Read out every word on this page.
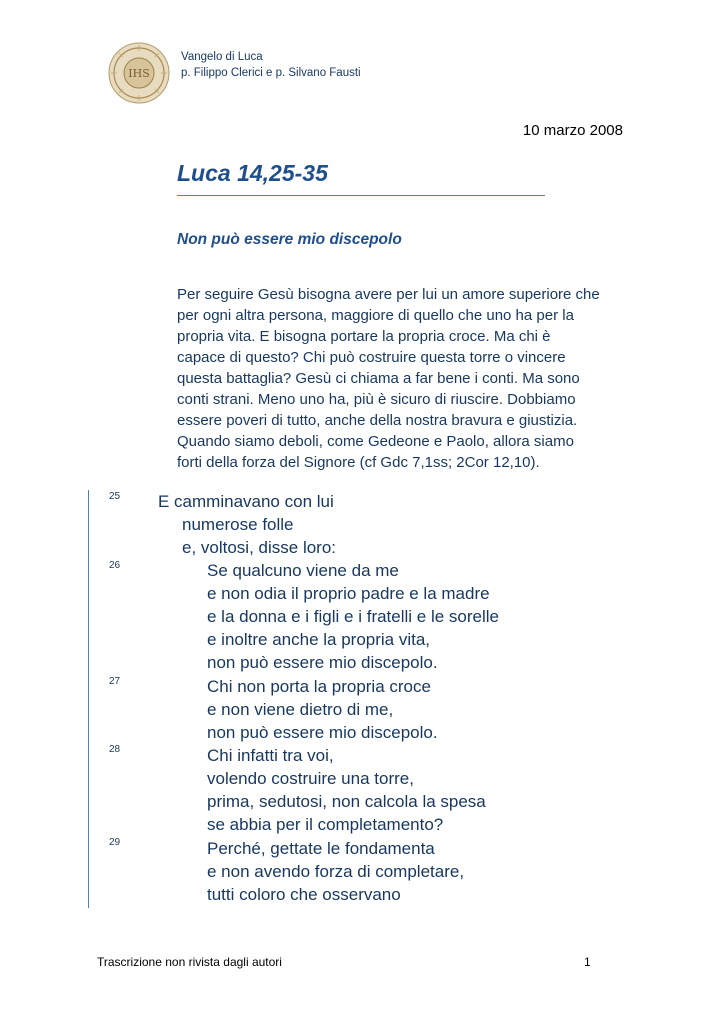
IHS
Vangelo di Luca
p. Filippo Clerici e p. Silvano Fausti
10 marzo 2008
Luca 14,25-35
Non può essere mio discepolo

Per seguire Gesù bisogna avere per lui un amore superiore che

per ogni altra persona, maggiore di quello che uno ha per la

propria vita. E bisogna portare la propria croce. Ma chi è

capace di questo? Chi può costruire questa torre o vincere

questa battaglia? Gesù ci chiama a far bene i conti. Ma sono

conti strani. Meno uno ha, più è sicuro di riuscire. Dobbiamo

essere poveri di tutto, anche della nostra bravura e giustizia.

Quando siamo deboli, come Gedeone e Paolo, allora siamo

forti della forza del Signore (cf Gdc 7,1ss; 2Cor 12,10).

25
26
27
28
29
E camminavano con lui
numerose folle
e, voltosi, disse loro:
Se qualcuno viene da me
e non odia il proprio padre e la madre
e la donna e i figli e i fratelli e le sorelle
e inoltre anche la propria vita,
non può essere mio discepolo.
Chi non porta la propria croce
e non viene dietro di me,
non può essere mio discepolo.
Chi infatti tra voi,
volendo costruire una torre,
prima, sedutosi, non calcola la spesa
se abbia per il completamento?
Perché, gettate le fondamenta
e non avendo forza di completare,
tutti coloro che osservano
Trascrizione non rivista dagli autori	1
